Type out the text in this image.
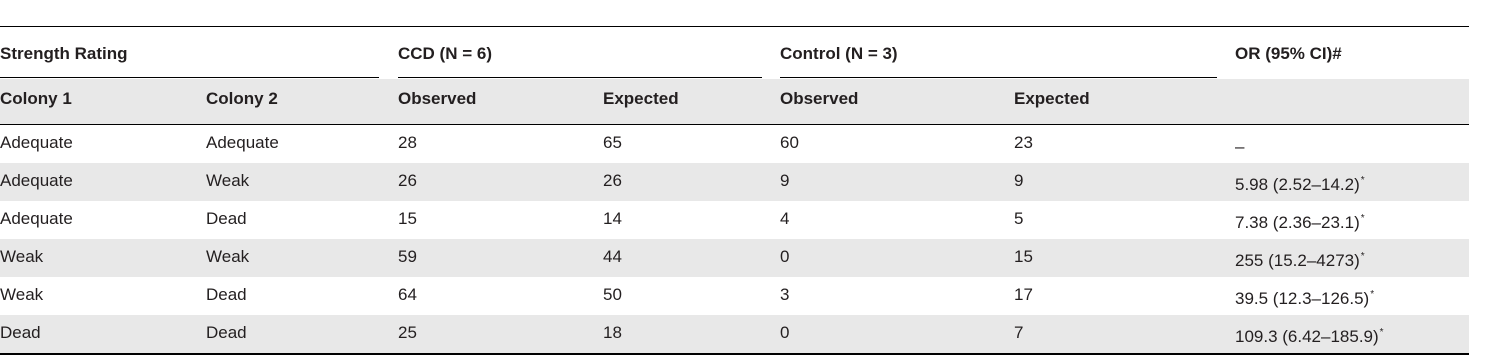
Strength Rating	CCD (N = 6)	Control (N = 3)	OR (95% CI)#
Colony 1	Colony 2	Observed	Expected	Observed	Expected
Adequate	Adequate	28	65	60	23	–
Adequate	Weak	26	26	9	9	5.98 (2.52–14.2)*
Adequate	Dead	15	14	4	5	7.38 (2.36–23.1)*
Weak	Weak	59	44	0	15	255 (15.2–4273)*
Weak	Dead	64	50	3	17	39.5 (12.3–126.5)*
Dead	Dead	25	18	0	7	109.3 (6.42–185.9)*
